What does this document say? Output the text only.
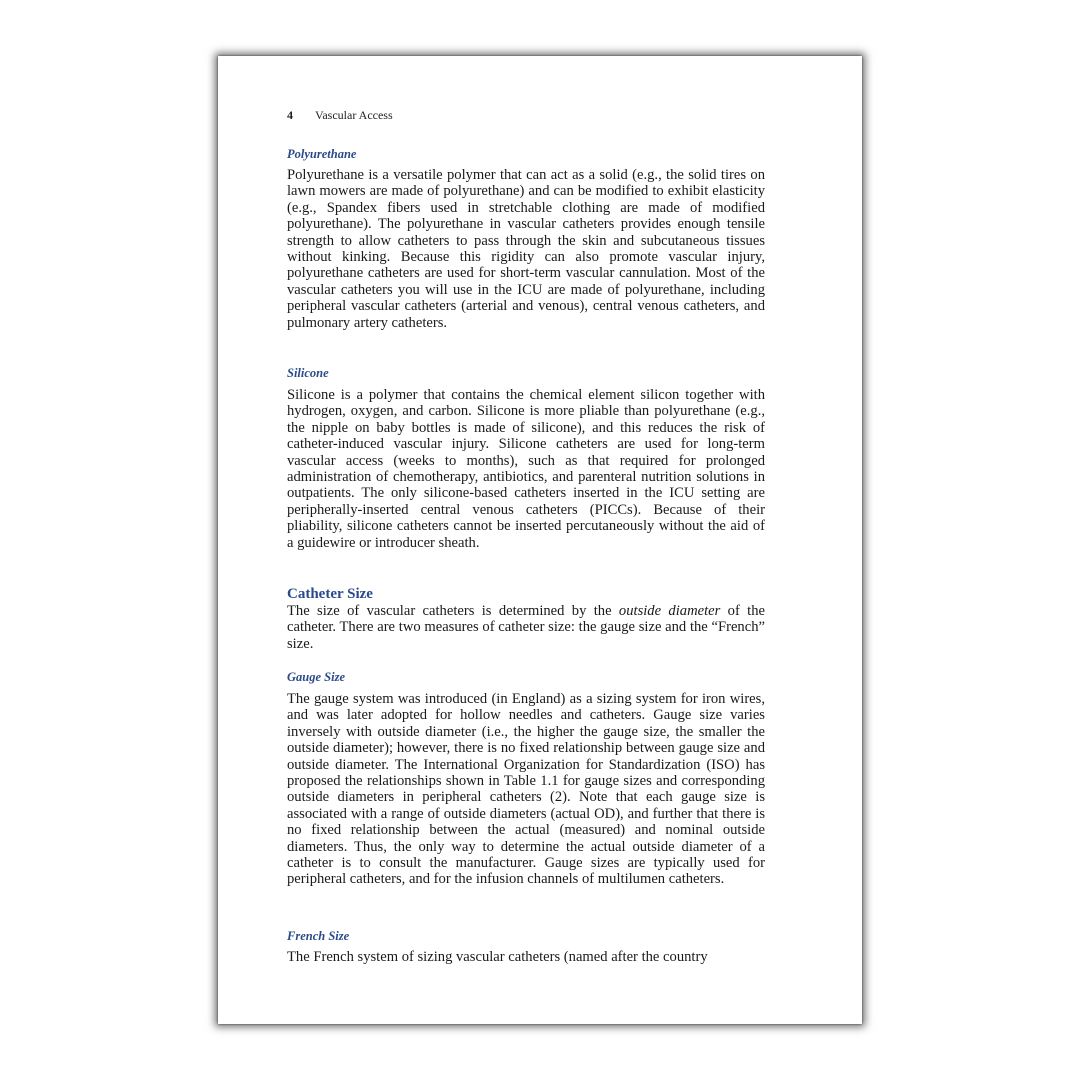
4 Vascular Access
Polyurethane

Polyurethane is a versatile polymer that can act as a solid (e.g., the solid tires on lawn mowers are made of polyurethane) and can be modified to exhibit elasticity (e.g., Spandex fibers used in stretchable clothing are made of modified polyurethane). The polyurethane in vascular catheters provides enough tensile strength to allow catheters to pass through the skin and subcutaneous tissues without kinking. Because this rigidity can also promote vascular injury, polyurethane catheters are used for short-term vascular cannulation. Most of the vascular catheters you will use in the ICU are made of polyurethane, including peripheral vascular catheters (arterial and venous), central venous catheters, and pulmonary artery catheters.

Silicone

Silicone is a polymer that contains the chemical element silicon together with hydrogen, oxygen, and carbon. Silicone is more pliable than polyurethane (e.g., the nipple on baby bottles is made of silicone), and this reduces the risk of catheter-induced vascular injury. Silicone catheters are used for long-term vascular access (weeks to months), such as that required for prolonged administration of chemotherapy, antibiotics, and parenteral nutrition solutions in outpatients. The only silicone-based catheters inserted in the ICU setting are peripherally-inserted central venous catheters (PICCs). Because of their pliability, silicone catheters cannot be inserted percutaneously without the aid of a guidewire or introducer sheath.

Catheter Size

The size of vascular catheters is determined by the outside diameter of the catheter. There are two measures of catheter size: the gauge size and the “French” size.

Gauge Size

The gauge system was introduced (in England) as a sizing system for iron wires, and was later adopted for hollow needles and catheters. Gauge size varies inversely with outside diameter (i.e., the higher the gauge size, the smaller the outside diameter); however, there is no fixed relationship between gauge size and outside diameter. The International Organization for Standardization (ISO) has proposed the relationships shown in Table 1.1 for gauge sizes and corresponding outside diameters in peripheral catheters (2). Note that each gauge size is associated with a range of outside diameters (actual OD), and further that there is no fixed relationship between the actual (measured) and nominal outside diameters. Thus, the only way to determine the actual outside diameter of a catheter is to consult the manufacturer. Gauge sizes are typically used for peripheral catheters, and for the infusion channels of multilumen catheters.

French Size

The French system of sizing vascular catheters (named after the country
